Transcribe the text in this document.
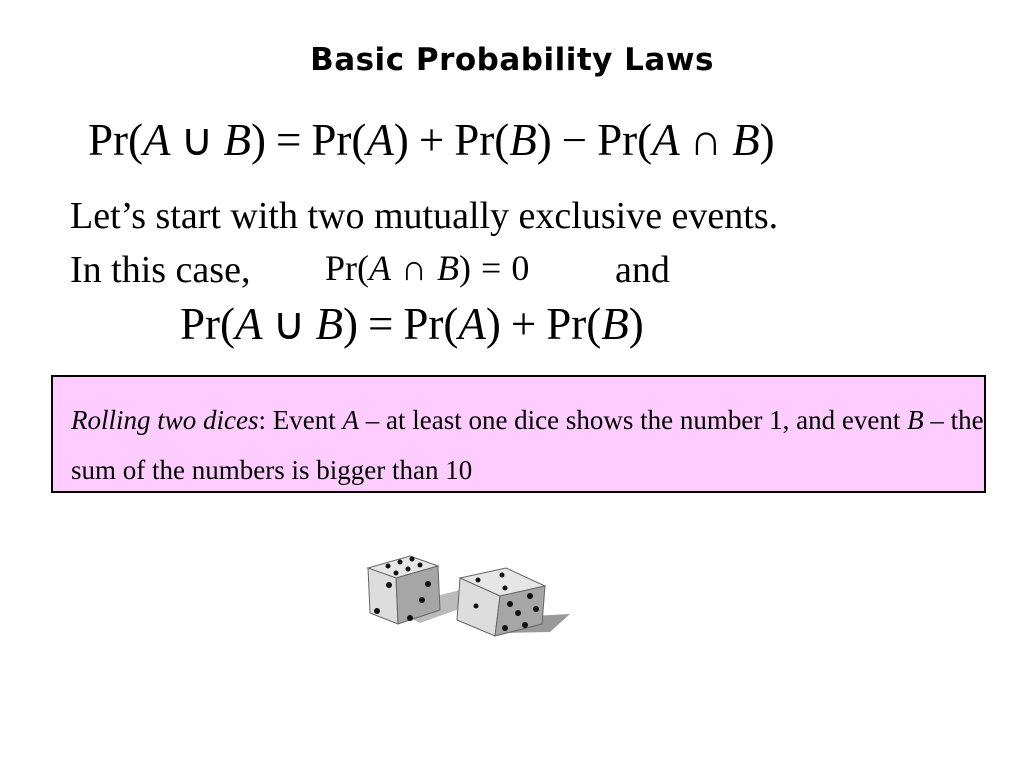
Basic Probability Laws
Pr(A ∪ B) = Pr(A) + Pr(B) − Pr(A ∩ B)
Let’s start with two mutually exclusive events.
In this case, Pr(A ∩ B) = 0 and
Pr(A ∪ B) = Pr(A) + Pr(B)
Rolling two dices: Event A – at least one dice shows the number 1, and event B – the sum of the numbers is bigger than 10
